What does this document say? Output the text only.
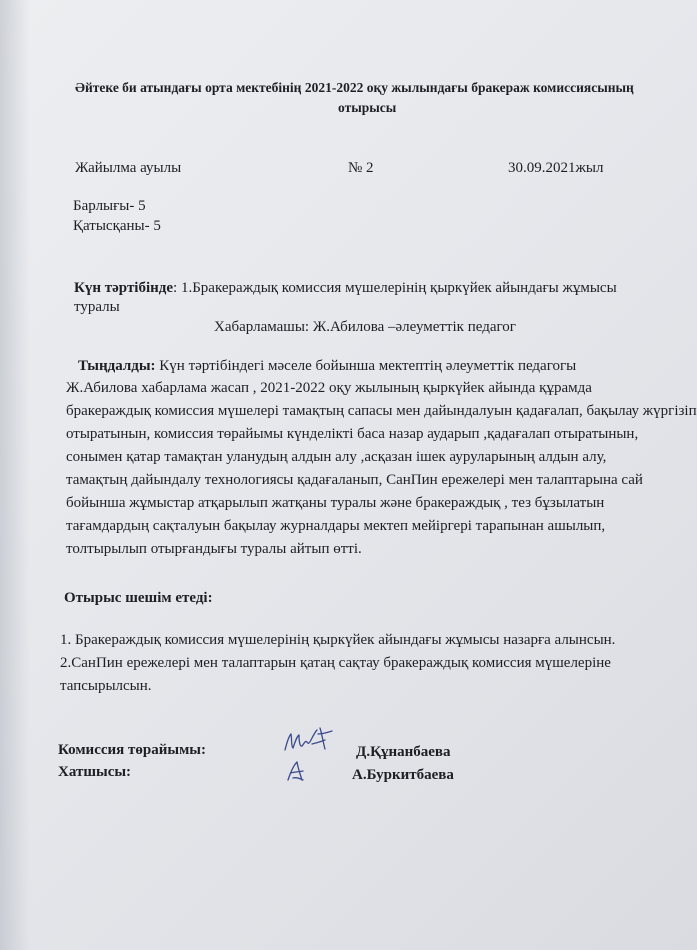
Әйтеке би атындағы орта мектебінің 2021-2022 оқу жылындағы бракераж комиссиясының
отырысы
Жайылма ауылы	№ 2	30.09.2021жыл
Барлығы- 5
Қатысқаны- 5
Күн тәртібінде: 1.Бракераждық комиссия мүшелерінің қыркүйек айындағы жұмысы
туралы
Хабарламашы: Ж.Абилова –әлеуметтік педагог
Тыңдалды: Күн тәртібіндегі мәселе бойынша мектептің әлеуметтік педагогы
Ж.Абилова хабарлама жасап , 2021-2022 оқу жылының қыркүйек айында құрамда
бракераждық комиссия мүшелері тамақтың сапасы мен дайындалуын қадағалап, бақылау жүргізіп
отыратынын, комиссия төрайымы күнделікті баса назар аударып ,қадағалап отыратынын,
сонымен қатар тамақтан уланудың алдын алу ,асқазан ішек ауруларының алдын алу,
тамақтың дайындалу технологиясы қадағаланып, СанПин ережелері мен талаптарына сай
бойынша жұмыстар атқарылып жатқаны туралы және бракераждық , тез бұзылатын
тағамдардың сақталуын бақылау журналдары мектеп мейіргері тарапынан ашылып,
толтырылып отырғандығы туралы айтып өтті.
Отырыс шешім етеді:
1. Бракераждық комиссия мүшелерінің қыркүйек айындағы жұмысы назарға алынсын.
2.СанПин ережелері мен талаптарын қатаң сақтау бракераждық комиссия мүшелеріне
тапсырылсын.
Комиссия төрайымы:	Д.Құнанбаева
Хатшысы:	А.Буркитбаева
